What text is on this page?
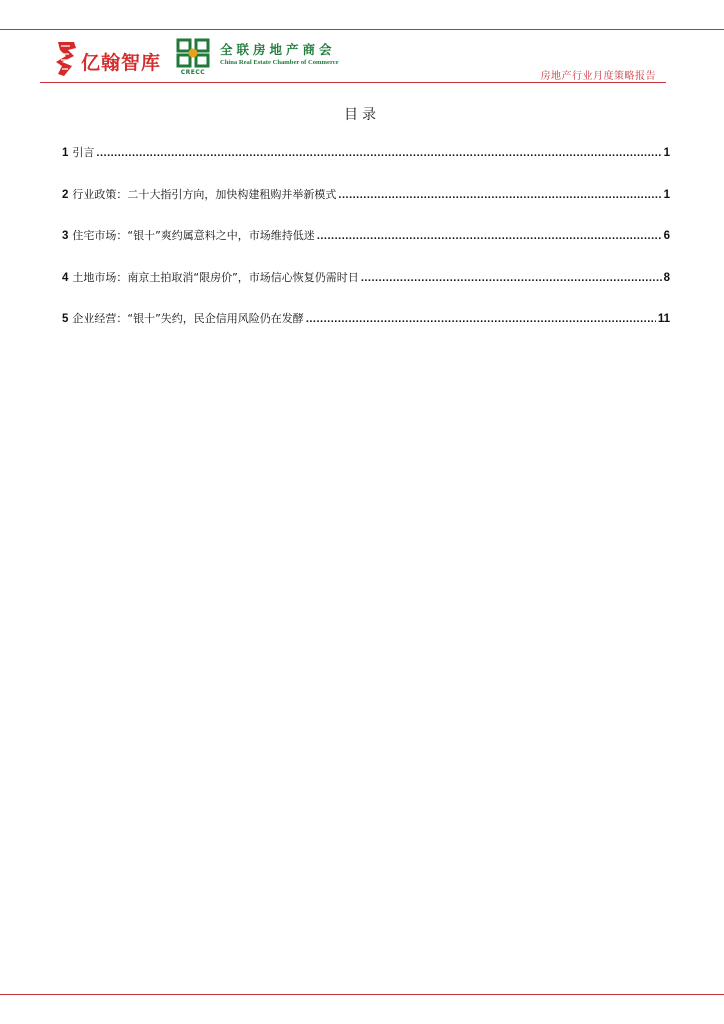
亿翰智库	CRECC
全联房地产商会
China Real Estate Chamber of Commerce
房地产行业月度策略报告
目录
1 引言 .....	1
2 行业政策：二十大指引方向，加快构建租购并举新模式 .....	1
3 住宅市场：“银十”爽约属意料之中，市场维持低迷 .....	6
4 土地市场：南京土拍取消“限房价”，市场信心恢复仍需时日 .....	8
5 企业经营：“银十”失约，民企信用风险仍在发酵 .....	11
